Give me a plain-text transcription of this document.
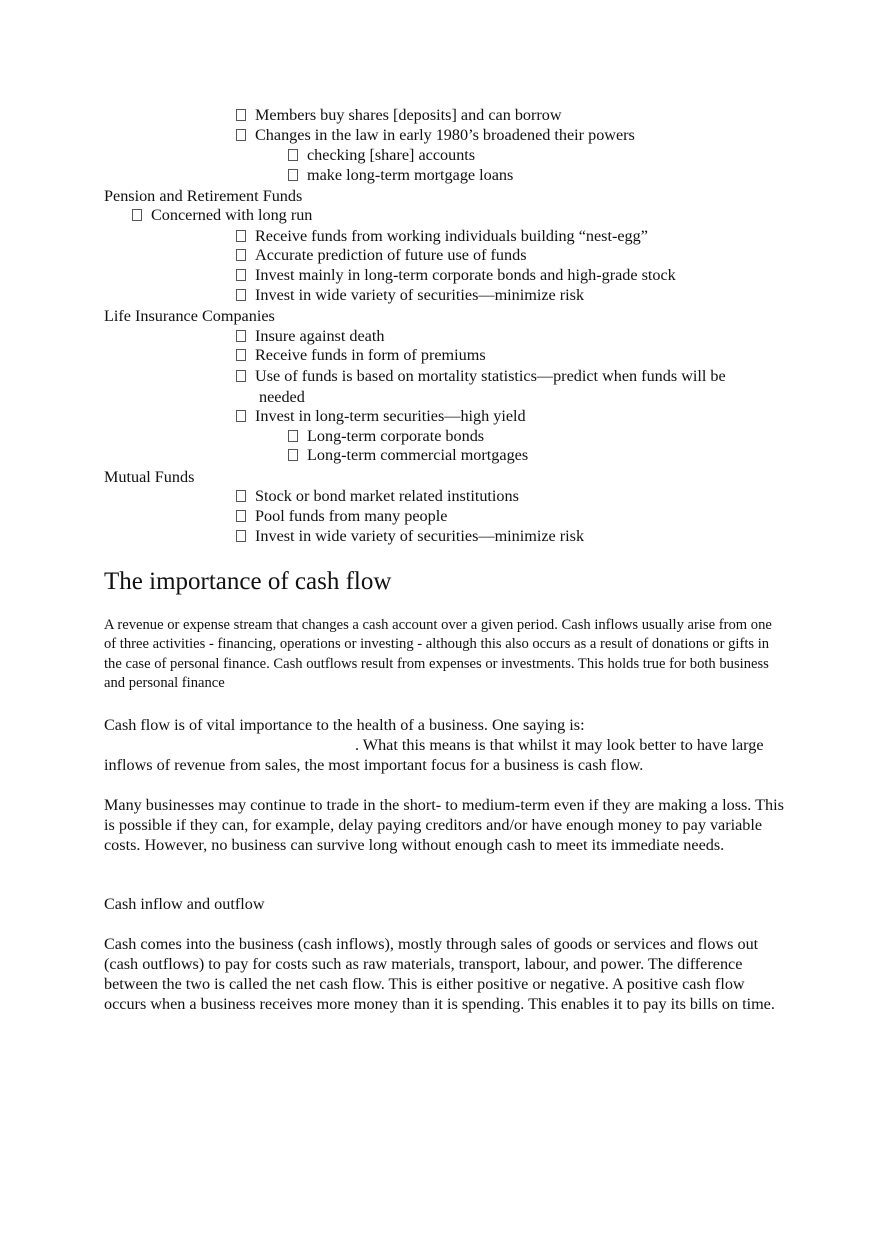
Members buy shares [deposits] and can borrow
Changes in the law in early 1980’s broadened their powers
checking [share] accounts
make long-term mortgage loans
Pension and Retirement Funds
Concerned with long run
Receive funds from working individuals building “nest-egg”
Accurate prediction of future use of funds
Invest mainly in long-term corporate bonds and high-grade stock
Invest in wide variety of securities—minimize risk
Life Insurance Companies
Insure against death
Receive funds in form of premiums
Use of funds is based on mortality statistics—predict when funds will be
needed
Invest in long-term securities—high yield
Long-term corporate bonds
Long-term commercial mortgages
Mutual Funds
Stock or bond market related institutions
Pool funds from many people
Invest in wide variety of securities—minimize risk
The importance of cash flow
A revenue or expense stream that changes a cash account over a given period. Cash inflows usually arise from one of three activities - financing, operations or investing - although this also occurs as a result of donations or gifts in the case of personal finance. Cash outflows result from expenses or investments. This holds true for both business and personal finance
Cash flow is of vital importance to the health of a business. One saying is:
. What this means is that whilst it may look better to have large inflows of revenue from sales, the most important focus for a business is cash flow.
Many businesses may continue to trade in the short- to medium-term even if they are making a loss. This is possible if they can, for example, delay paying creditors and/or have enough money to pay variable costs. However, no business can survive long without enough cash to meet its immediate needs.
Cash inflow and outflow
Cash comes into the business (cash inflows), mostly through sales of goods or services and flows out (cash outflows) to pay for costs such as raw materials, transport, labour, and power. The difference between the two is called the net cash flow. This is either positive or negative. A positive cash flow occurs when a business receives more money than it is spending. This enables it to pay its bills on time.
